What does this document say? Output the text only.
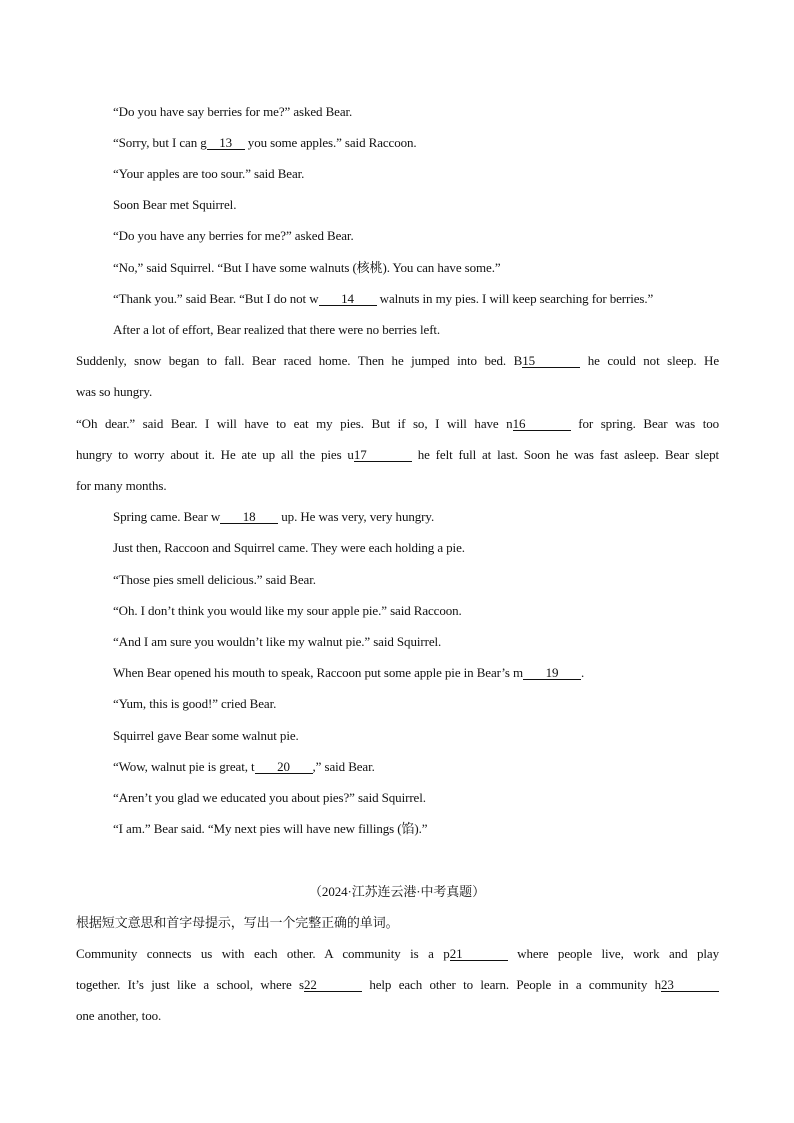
“Do you have say berries for me?” asked Bear.
“Sorry, but I can g 13 you some apples.” said Raccoon.
“Your apples are too sour.” said Bear.
Soon Bear met Squirrel.
“Do you have any berries for me?” asked Bear.
“No,” said Squirrel. “But I have some walnuts (核桃). You can have some.”
“Thank you.” said Bear. “But I do not w 14 walnuts in my pies. I will keep searching for berries.”
After a lot of effort, Bear realized that there were no berries left.
Suddenly, snow began to fall. Bear raced home. Then he jumped into bed. B15	he could not sleep. He
was so hungry.
“Oh dear.” said Bear. I will have to eat my pies. But if so, I will have n16	for spring. Bear was too
hungry to worry about it. He ate up all the pies u17	he felt full at last. Soon he was fast asleep. Bear slept
for many months.
Spring came. Bear w 18 up. He was very, very hungry.
Just then, Raccoon and Squirrel came. They were each holding a pie.
“Those pies smell delicious.” said Bear.
“Oh. I don’t think you would like my sour apple pie.” said Raccoon.
“And I am sure you wouldn’t like my walnut pie.” said Squirrel.
When Bear opened his mouth to speak, Raccoon put some apple pie in Bear’s m 19 .
“Yum, this is good!” cried Bear.
Squirrel gave Bear some walnut pie.
“Wow, walnut pie is great, t 20 ,” said Bear.
“Aren’t you glad we educated you about pies?” said Squirrel.
“I am.” Bear said. “My next pies will have new fillings (馅).”
（2024·江苏连云港·中考真题）
根据短文意思和首字母提示，写出一个完整正确的单词。
Community connects us with each other. A community is a p21	where people live, work and play
together. It’s just like a school, where s22	help each other to learn. People in a community h23
one another, too.
